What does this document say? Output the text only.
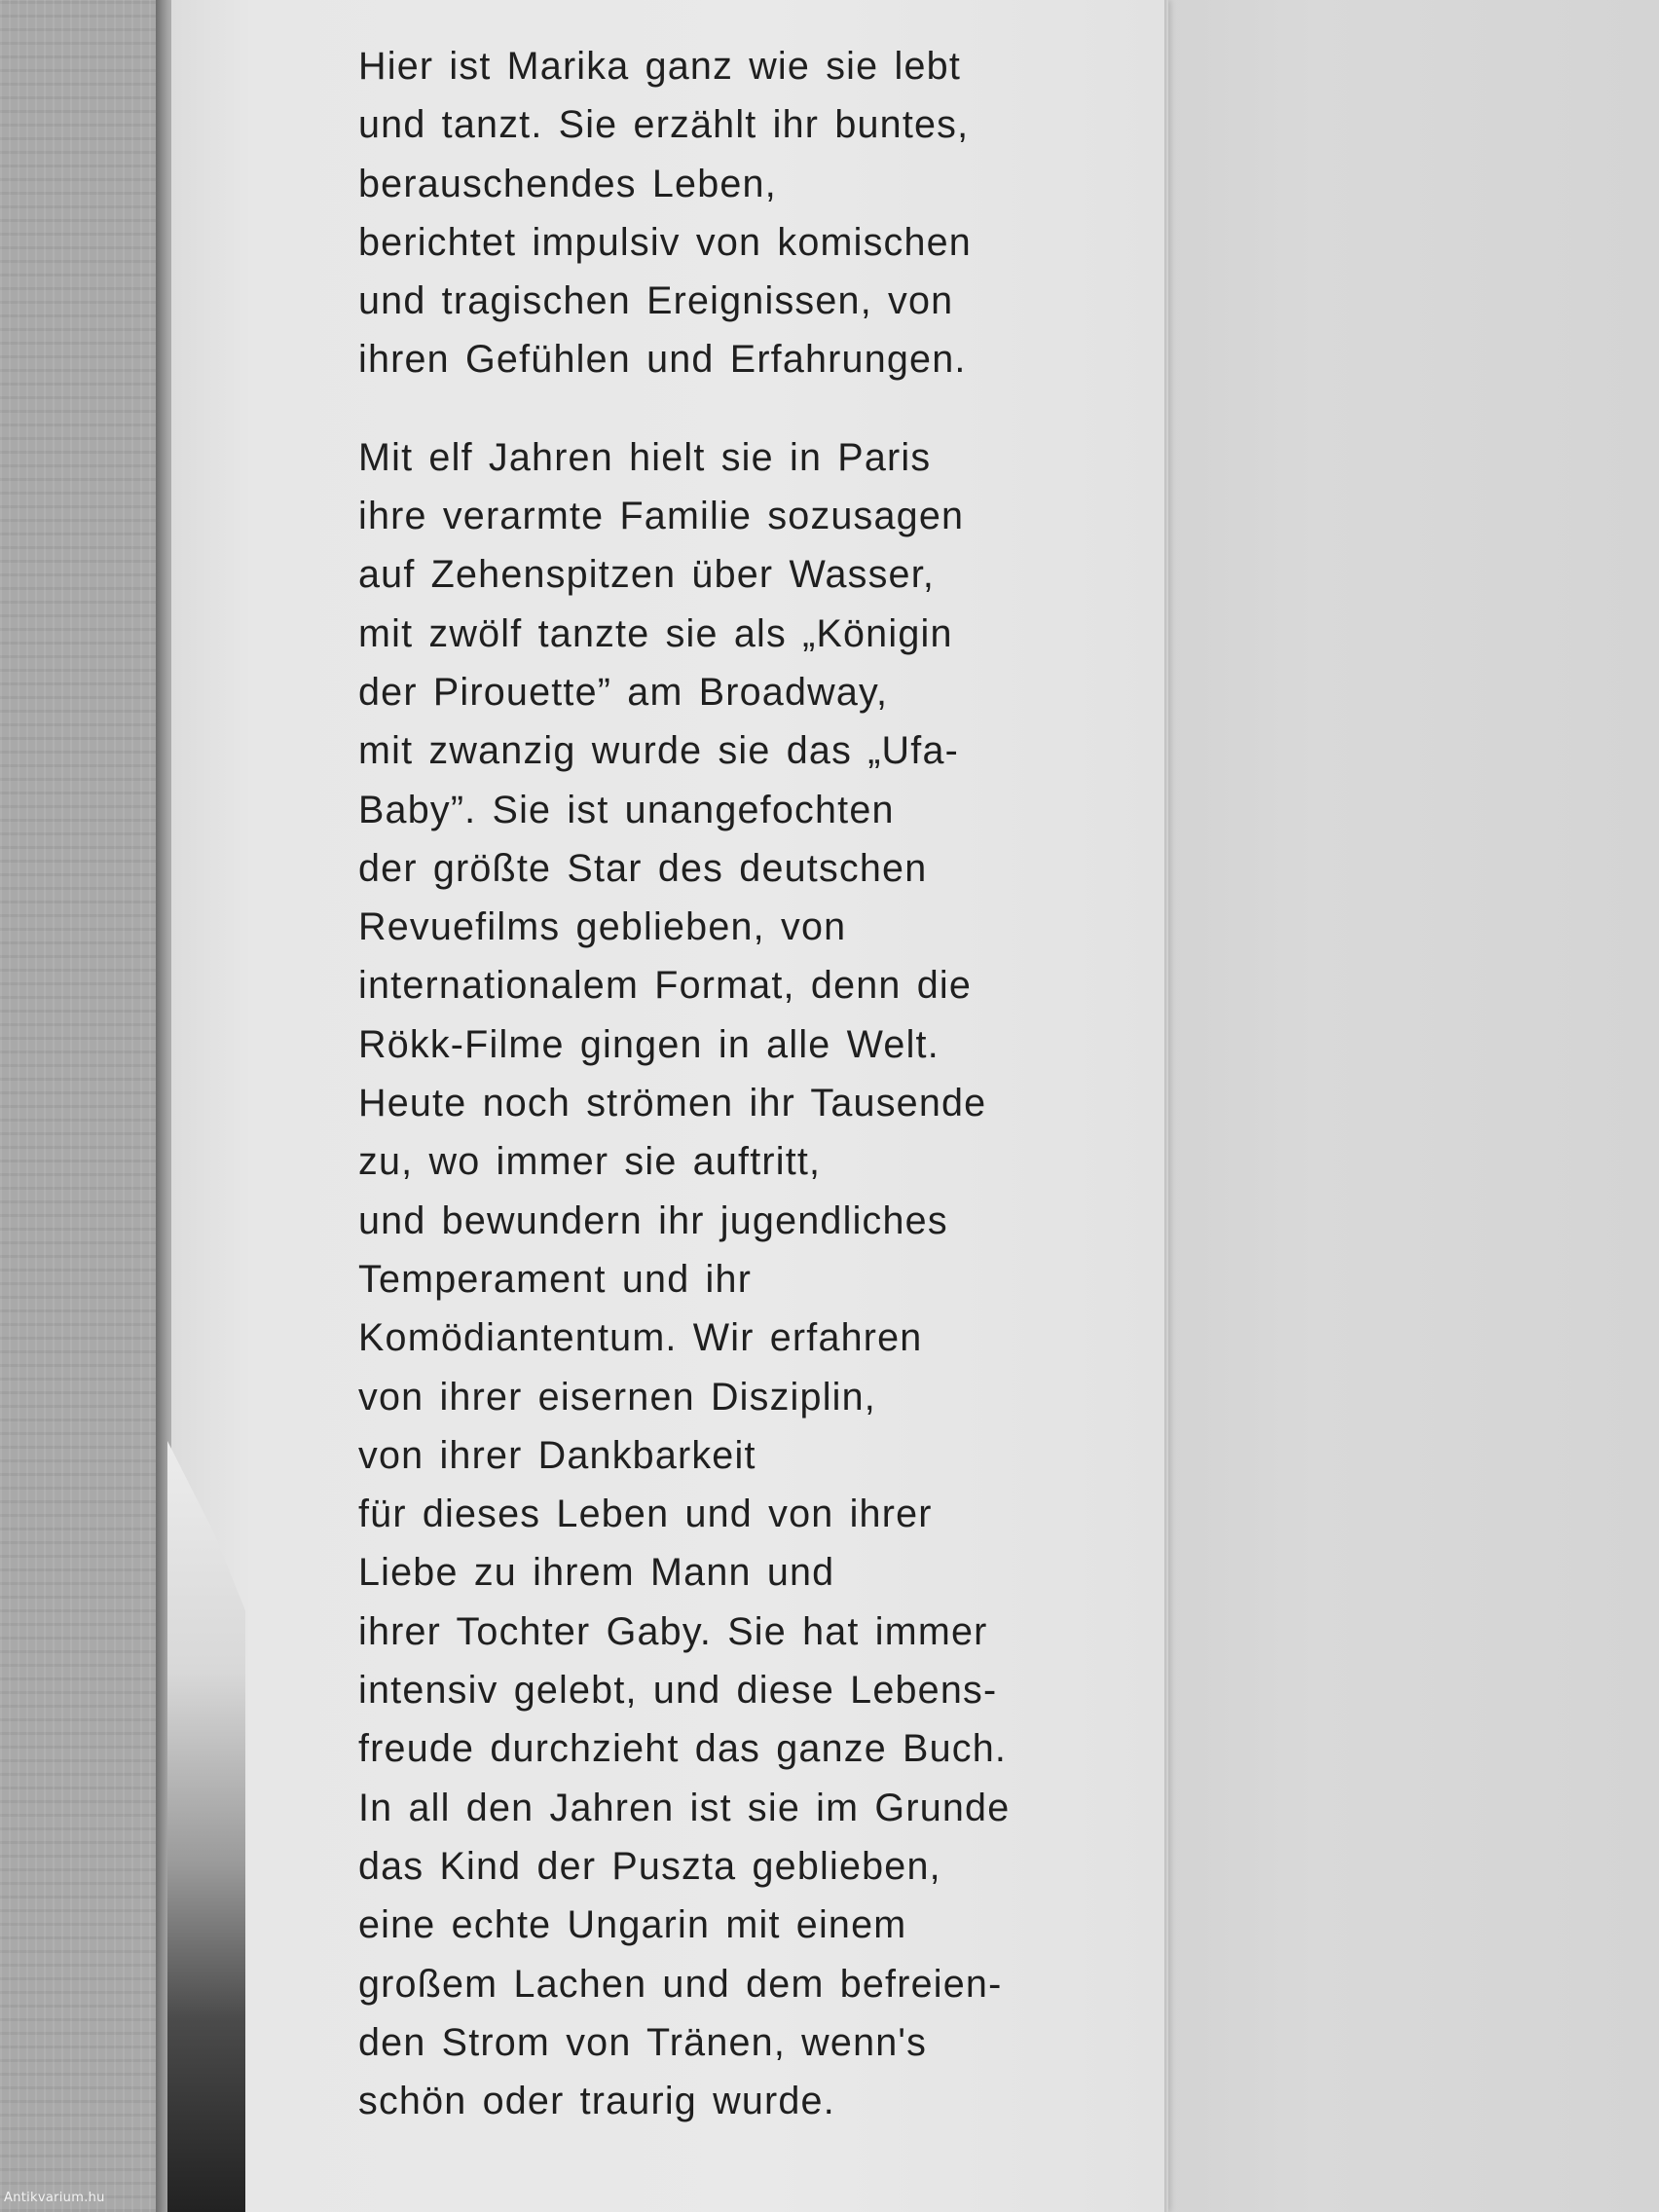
Hier ist Marika ganz wie sie lebt
und tanzt. Sie erzählt ihr buntes,
berauschendes Leben,
berichtet impulsiv von komischen
und tragischen Ereignissen, von
ihren Gefühlen und Erfahrungen.

Mit elf Jahren hielt sie in Paris
ihre verarmte Familie sozusagen
auf Zehenspitzen über Wasser,
mit zwölf tanzte sie als „Königin
der Pirouette” am Broadway,
mit zwanzig wurde sie das „Ufa-
Baby”. Sie ist unangefochten
der größte Star des deutschen
Revuefilms geblieben, von
internationalem Format, denn die
Rökk-Filme gingen in alle Welt.
Heute noch strömen ihr Tausende
zu, wo immer sie auftritt,
und bewundern ihr jugendliches
Temperament und ihr
Komödiantentum. Wir erfahren
von ihrer eisernen Disziplin,
von ihrer Dankbarkeit
für dieses Leben und von ihrer
Liebe zu ihrem Mann und
ihrer Tochter Gaby. Sie hat immer
intensiv gelebt, und diese Lebens-
freude durchzieht das ganze Buch.
In all den Jahren ist sie im Grunde
das Kind der Puszta geblieben,
eine echte Ungarin mit einem
großem Lachen und dem befreien-
den Strom von Tränen, wenn's
schön oder traurig wurde.

Antikvarium.hu
